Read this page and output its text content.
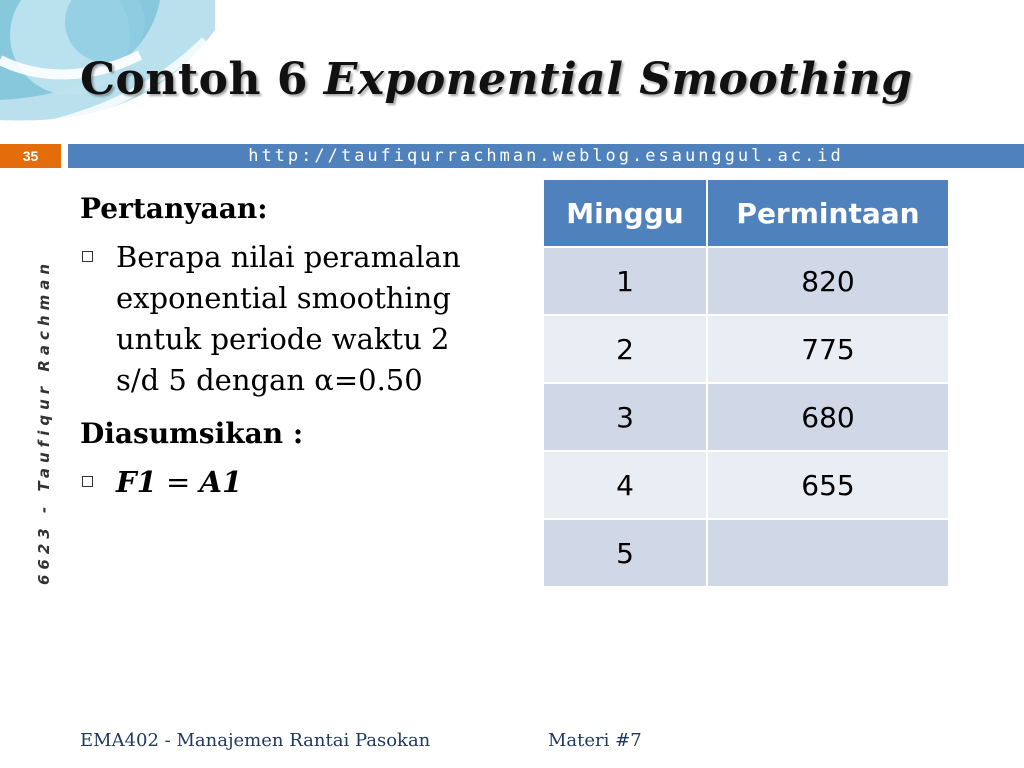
Contoh 6 Exponential Smoothing
35	http://taufiqurrachman.weblog.esaunggul.ac.id
6623 - Taufiqur Rachman

Pertanyaan:

Berapa nilai peramalan exponential smoothing untuk periode waktu 2 s/d 5 dengan α=0.50

Diasumsikan :

F1 = A1
Minggu	Permintaan
1	820
2	775
3	680
4	655
5	
EMA402 - Manajemen Rantai Pasokan	Materi #7
